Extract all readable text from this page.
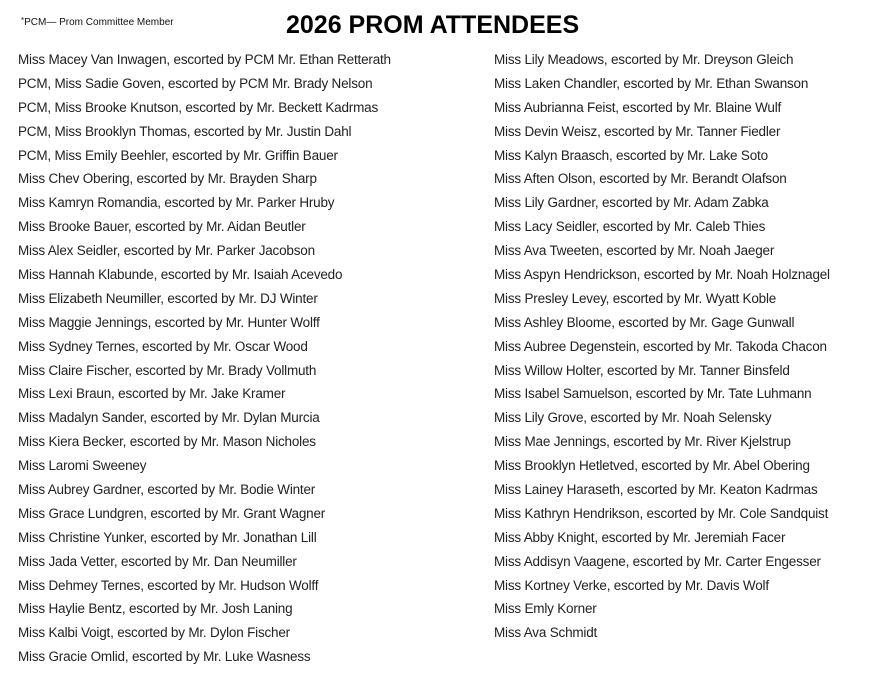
*PCM— Prom Committee Member	2026 PROM ATTENDEES
Miss Macey Van Inwagen, escorted by PCM Mr. Ethan Retterath
PCM, Miss Sadie Goven, escorted by PCM Mr. Brady Nelson
PCM, Miss Brooke Knutson, escorted by Mr. Beckett Kadrmas
PCM, Miss Brooklyn Thomas, escorted by Mr. Justin Dahl
PCM, Miss Emily Beehler, escorted by Mr. Griffin Bauer
Miss Chev Obering, escorted by Mr. Brayden Sharp
Miss Kamryn Romandia, escorted by Mr. Parker Hruby
Miss Brooke Bauer, escorted by Mr. Aidan Beutler
Miss Alex Seidler, escorted by Mr. Parker Jacobson
Miss Hannah Klabunde, escorted by Mr. Isaiah Acevedo
Miss Elizabeth Neumiller, escorted by Mr. DJ Winter
Miss Maggie Jennings, escorted by Mr. Hunter Wolff
Miss Sydney Ternes, escorted by Mr. Oscar Wood
Miss Claire Fischer, escorted by Mr. Brady Vollmuth
Miss Lexi Braun, escorted by Mr. Jake Kramer
Miss Madalyn Sander, escorted by Mr. Dylan Murcia
Miss Kiera Becker, escorted by Mr. Mason Nicholes
Miss Laromi Sweeney
Miss Aubrey Gardner, escorted by Mr. Bodie Winter
Miss Grace Lundgren, escorted by Mr. Grant Wagner
Miss Christine Yunker, escorted by Mr. Jonathan Lill
Miss Jada Vetter, escorted by Mr. Dan Neumiller
Miss Dehmey Ternes, escorted by Mr. Hudson Wolff
Miss Haylie Bentz, escorted by Mr. Josh Laning
Miss Kalbi Voigt, escorted by Mr. Dylon Fischer
Miss Gracie Omlid, escorted by Mr. Luke Wasness
Miss Lily Meadows, escorted by Mr. Dreyson Gleich
Miss Laken Chandler, escorted by Mr. Ethan Swanson
Miss Aubrianna Feist, escorted by Mr. Blaine Wulf
Miss Devin Weisz, escorted by Mr. Tanner Fiedler
Miss Kalyn Braasch, escorted by Mr. Lake Soto
Miss Aften Olson, escorted by Mr. Berandt Olafson
Miss Lily Gardner, escorted by Mr. Adam Zabka
Miss Lacy Seidler, escorted by Mr. Caleb Thies
Miss Ava Tweeten, escorted by Mr. Noah Jaeger
Miss Aspyn Hendrickson, escorted by Mr. Noah Holznagel
Miss Presley Levey, escorted by Mr. Wyatt Koble
Miss Ashley Bloome, escorted by Mr. Gage Gunwall
Miss Aubree Degenstein, escorted by Mr. Takoda Chacon
Miss Willow Holter, escorted by Mr. Tanner Binsfeld
Miss Isabel Samuelson, escorted by Mr. Tate Luhmann
Miss Lily Grove, escorted by Mr. Noah Selensky
Miss Mae Jennings, escorted by Mr. River Kjelstrup
Miss Brooklyn Hetletved, escorted by Mr. Abel Obering
Miss Lainey Haraseth, escorted by Mr. Keaton Kadrmas
Miss Kathryn Hendrikson, escorted by Mr. Cole Sandquist
Miss Abby Knight, escorted by Mr. Jeremiah Facer
Miss Addisyn Vaagene, escorted by Mr. Carter Engesser
Miss Kortney Verke, escorted by Mr. Davis Wolf
Miss Emly Korner
Miss Ava Schmidt
